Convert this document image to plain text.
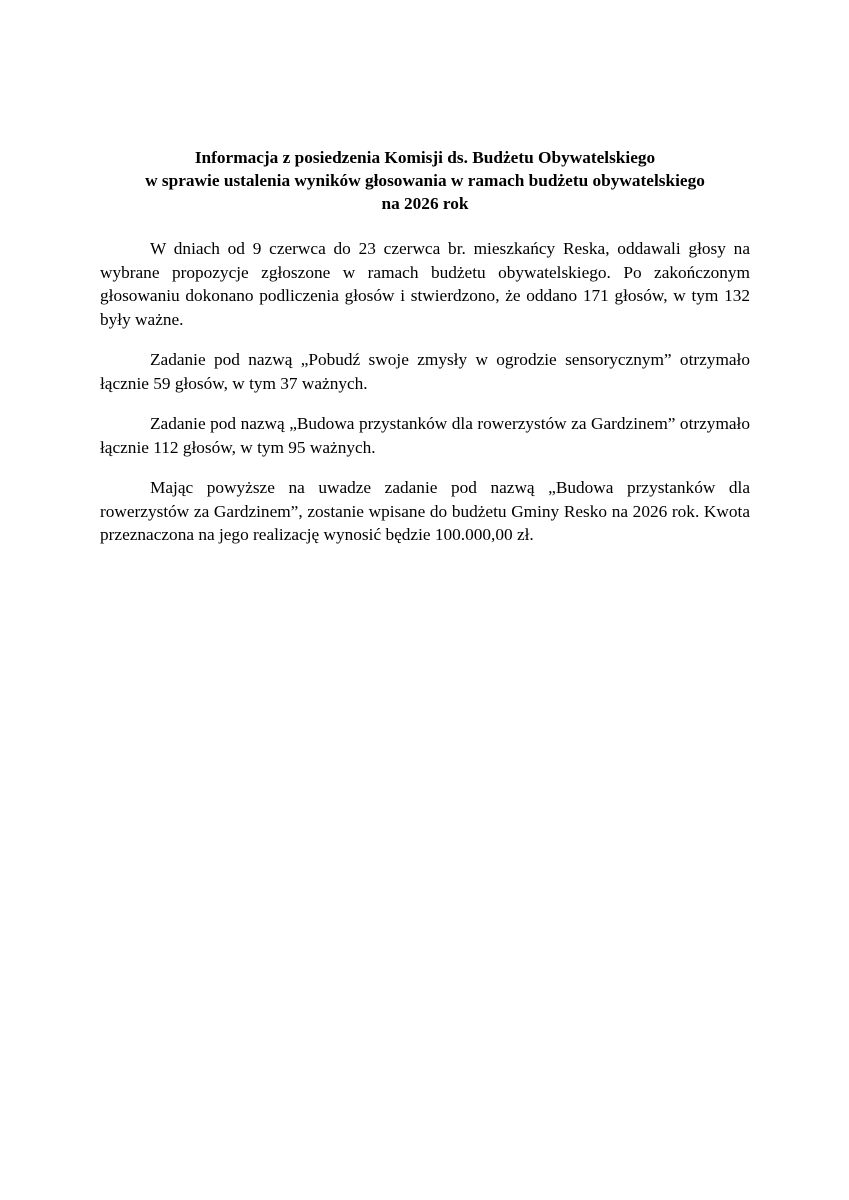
Informacja z posiedzenia Komisji ds. Budżetu Obywatelskiego
w sprawie ustalenia wyników głosowania w ramach budżetu obywatelskiego
na 2026 rok

W dniach od 9 czerwca do 23 czerwca br. mieszkańcy Reska, oddawali głosy na wybrane propozycje zgłoszone w ramach budżetu obywatelskiego. Po zakończonym głosowaniu dokonano podliczenia głosów i stwierdzono, że oddano 171 głosów, w tym 132 były ważne.

Zadanie pod nazwą „Pobudź swoje zmysły w ogrodzie sensorycznym” otrzymało łącznie 59 głosów, w tym 37 ważnych.

Zadanie pod nazwą „Budowa przystanków dla rowerzystów za Gardzinem” otrzymało łącznie 112 głosów, w tym 95 ważnych.

Mając powyższe na uwadze zadanie pod nazwą „Budowa przystanków dla rowerzystów za Gardzinem”, zostanie wpisane do budżetu Gminy Resko na 2026 rok. Kwota przeznaczona na jego realizację wynosić będzie 100.000,00 zł.
